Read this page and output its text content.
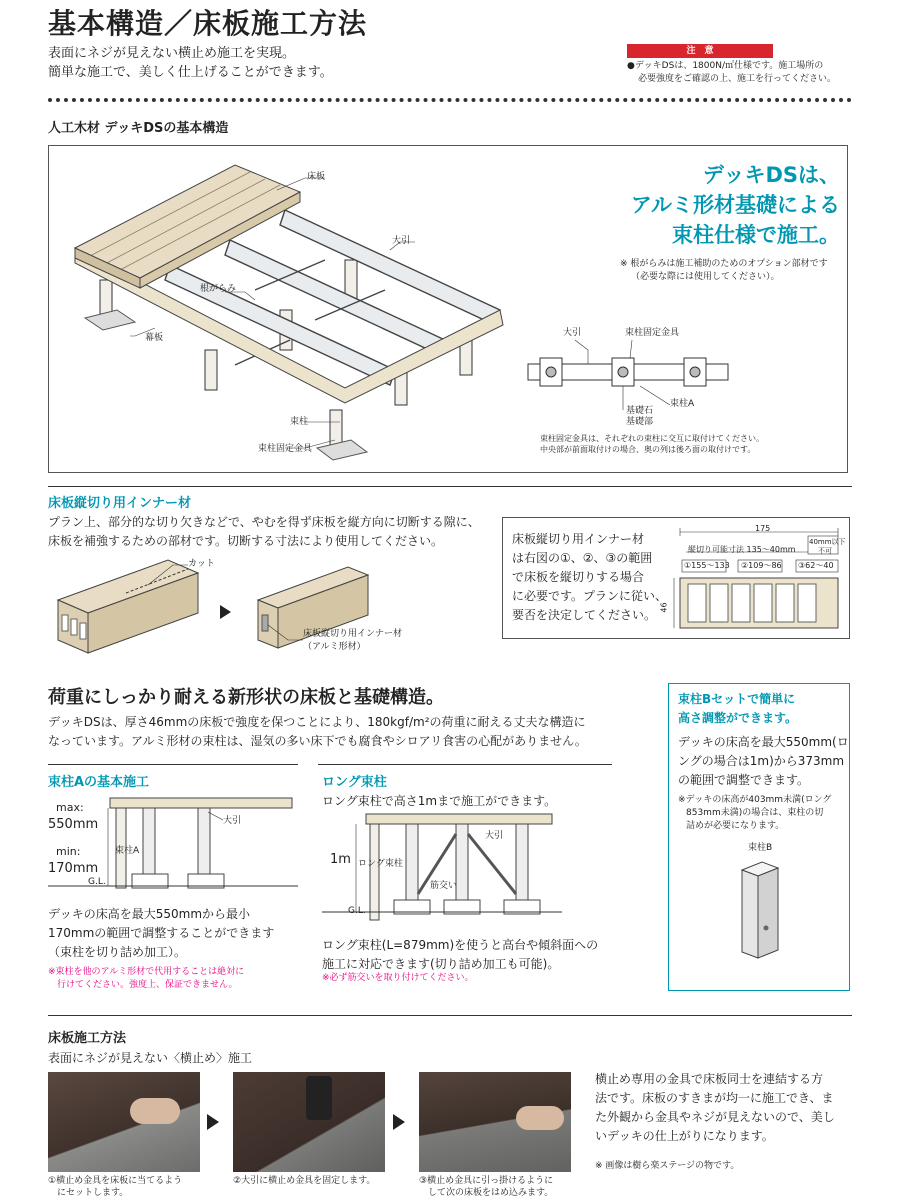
基本構造／床板施工方法
表面にネジが見えない横止め施工を実現。
簡単な施工で、美しく仕上げることができます。
注　意
●デッキDSは、1800N/㎡仕様です。施工場所の
必要強度をご確認の上、施工を行ってください。
人工木材 デッキDSの基本構造
床板
大引
根がらみ
幕板
束柱
束柱固定金具
デッキDSは、
アルミ形材基礎による
束柱仕様で施工。
※ 根がらみは施工補助のためのオプション部材です
（必要な際には使用してください）。
大引	束柱固定金具
束柱A
基礎石
基礎部
束柱固定金具は、それぞれの束柱に交互に取付けてください。
中央部が前面取付けの場合、奥の列は後ろ面の取付けです。
床板縦切り用インナー材
プラン上、部分的な切り欠きなどで、やむを得ず床板を縦方向に切断する隙に、
床板を補強するための部材です。切断する寸法により使用してください。
カット
床板縦切り用インナー材
（アルミ形材）
床板縦切り用インナー材
は右図の①、②、③の範囲
で床板を縦切りする場合
に必要です。プランに従い、
要否を決定してください。
175
縦切り可能寸法 135〜40mm
40mm以下
不可
①155〜133 ②109〜86 ③62〜40
46
荷重にしっかり耐える新形状の床板と基礎構造。
デッキDSは、厚さ46mmの床板で強度を保つことにより、180kgf/m²の荷重に耐える丈夫な構造に
なっています。アルミ形材の束柱は、湿気の多い床下でも腐食やシロアリ食害の心配がありません。
束柱Aの基本施工
max:
550mm
min:
170mm
G.L.
束柱A
大引
デッキの床高を最大550mmから最小
170mmの範囲で調整することができます
（束柱を切り詰め加工）。
※束柱を他のアルミ形材で代用することは絶対に
　行けてください。強度上、保証できません。
ロング束柱
ロング束柱で高さ1mまで施工ができます。
1m
G.L.
ロング束柱
大引
筋交い
ロング束柱(L=879mm)を使うと高台や傾斜面への
施工に対応できます(切り詰め加工も可能)。
※必ず筋交いを取り付けてください。
束柱Bセットで簡単に
高さ調整ができます。
デッキの床高を最大550mm(ロ
ングの場合は1m)から373mm
の範囲で調整できます。
※デッキの床高が403mm未満(ロング
853mm未満)の場合は、束柱の切
詰めが必要になります。
束柱B
床板施工方法
表面にネジが見えない〈横止め〉施工
①横止め金具を床板に当てるよう
　にセットします。
②大引に横止め金具を固定します。	③横止め金具に引っ掛けるように
　して次の床板をはめ込みます。
横止め専用の金具で床板同士を連結する方
法です。床板のすきまが均一に施工でき、ま
た外観から金具やネジが見えないので、美し
いデッキの仕上がりになります。
※ 画像は樹ら楽ステージの物です。
